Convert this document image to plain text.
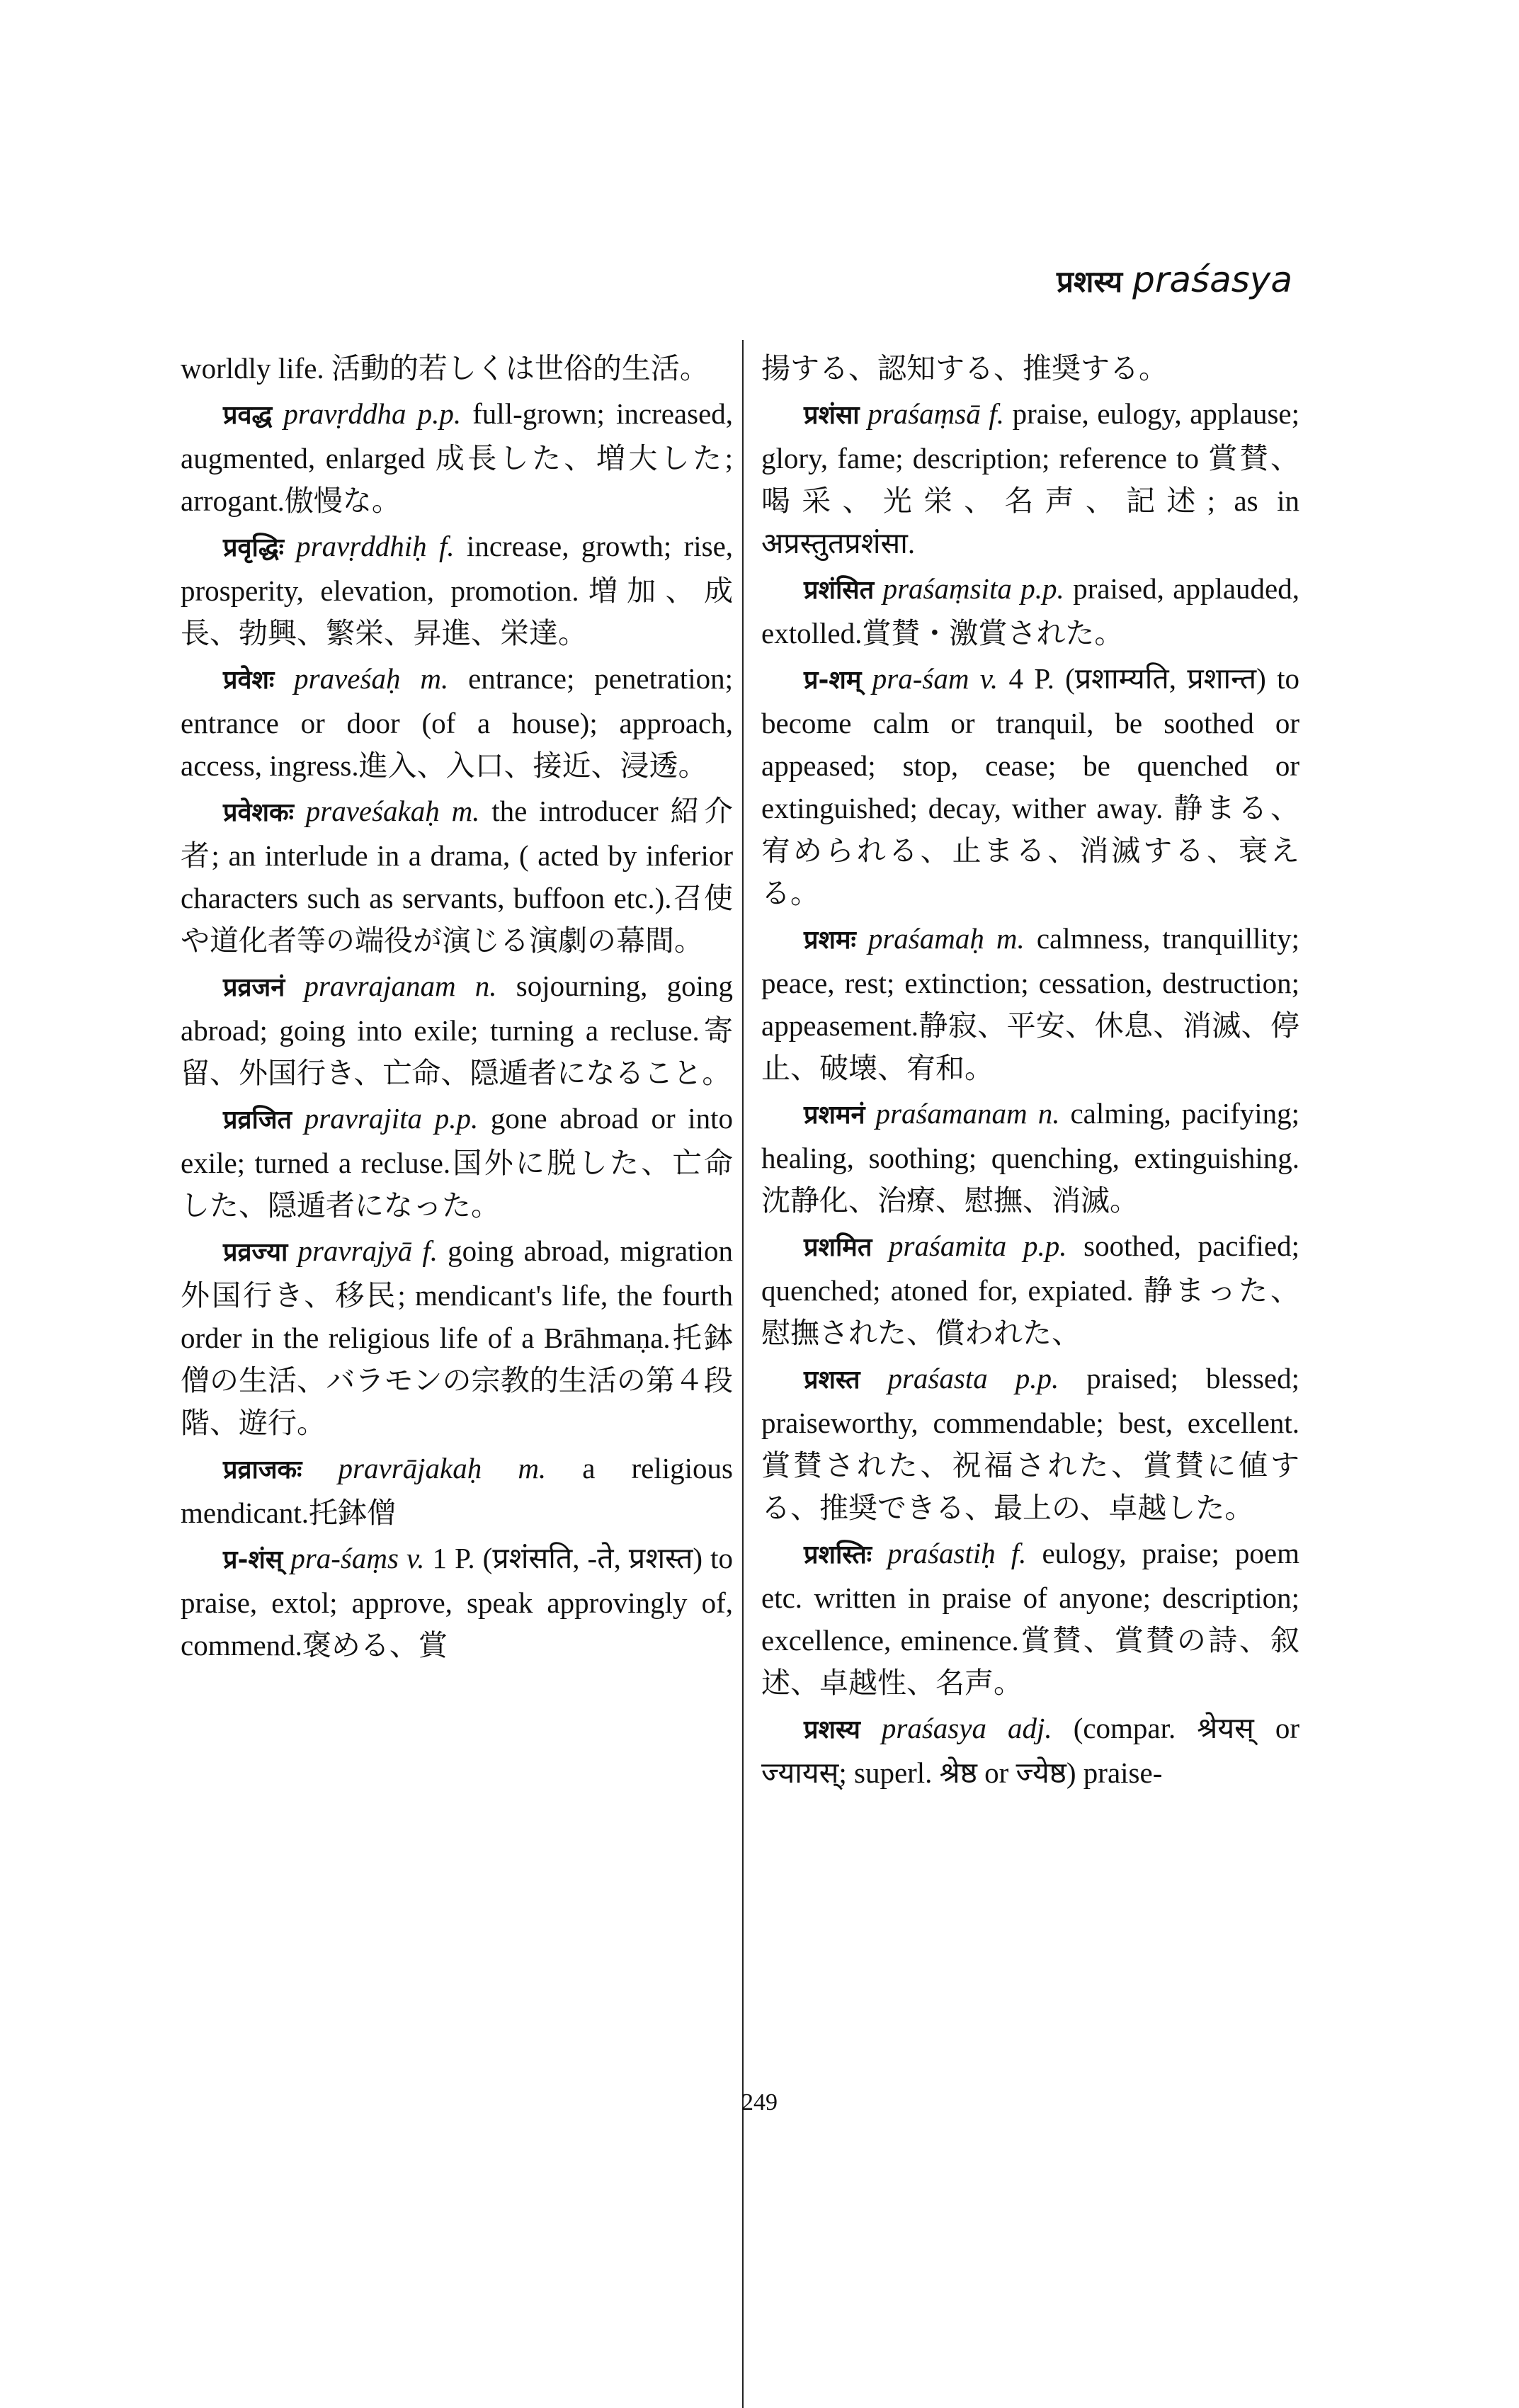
प्रशस्य praśasya

worldly life. 活動的若しくは世俗的生活。

प्रवद्ध pravṛddha p.p. full-grown; increased, augmented, enlarged 成長した、増大した; arrogant.傲慢な。

प्रवृद्धिः pravṛddhiḥ f. increase, growth; rise, prosperity, elevation, promotion.増加、成長、勃興、繁栄、昇進、栄達。

प्रवेशः praveśaḥ m. entrance; penetration; entrance or door (of a house); approach, access, ingress.進入、入口、接近、浸透。

प्रवेशकः praveśakaḥ m. the introducer 紹介者; an interlude in a drama, ( acted by inferior characters such as servants, buffoon etc.).召使や道化者等の端役が演じる演劇の幕間。

प्रव्रजनं pravrajanam n. sojourning, going abroad; going into exile; turning a recluse.寄留、外国行き、亡命、隠遁者になること。

प्रव्रजित pravrajita p.p. gone abroad or into exile; turned a recluse.国外に脱した、亡命した、隠遁者になった。

प्रव्रज्या pravrajyā f. going abroad, migration 外国行き、移民; mendicant's life, the fourth order in the religious life of a Brāhmaṇa.托鉢僧の生活、バラモンの宗教的生活の第４段階、遊行。

प्रव्राजकः pravrājakaḥ m. a religious mendicant.托鉢僧

प्र-शंस् pra-śaṃs v. 1 P. (प्रशंसति, -ते, प्रशस्त) to praise, extol; approve, speak approvingly of, commend.褒める、賞

揚する、認知する、推奨する。

प्रशंसा praśaṃsā f. praise, eulogy, applause; glory, fame; description; reference to 賞賛、喝采、光栄、名声、記述; as in अप्रस्तुतप्रशंसा.

प्रशंसित praśaṃsita p.p. praised, applauded, extolled.賞賛・激賞された。

प्र-शम् pra-śam v. 4 P. (प्रशाम्यति, प्रशान्त) to become calm or tranquil, be soothed or appeased; stop, cease; be quenched or extinguished; decay, wither away. 静まる、宥められる、止まる、消滅する、衰える。

प्रशमः praśamaḥ m. calmness, tranquillity; peace, rest; extinction; cessation, destruction; appeasement.静寂、平安、休息、消滅、停止、破壊、宥和。

प्रशमनं praśamanam n. calming, pacifying; healing, soothing; quenching, extinguishing.沈静化、治療、慰撫、消滅。

प्रशमित praśamita p.p. soothed, pacified; quenched; atoned for, expiated. 静まった、慰撫された、償われた、

प्रशस्त praśasta p.p. praised; blessed; praiseworthy, commendable; best, excellent.賞賛された、祝福された、賞賛に値する、推奨できる、最上の、卓越した。

प्रशस्तिः praśastiḥ f. eulogy, praise; poem etc. written in praise of anyone; description; excellence, eminence.賞賛、賞賛の詩、叙述、卓越性、名声。

प्रशस्य praśasya adj. (compar. श्रेयस् or ज्यायस्; superl. श्रेष्ठ or ज्येष्ठ) praise-

249
